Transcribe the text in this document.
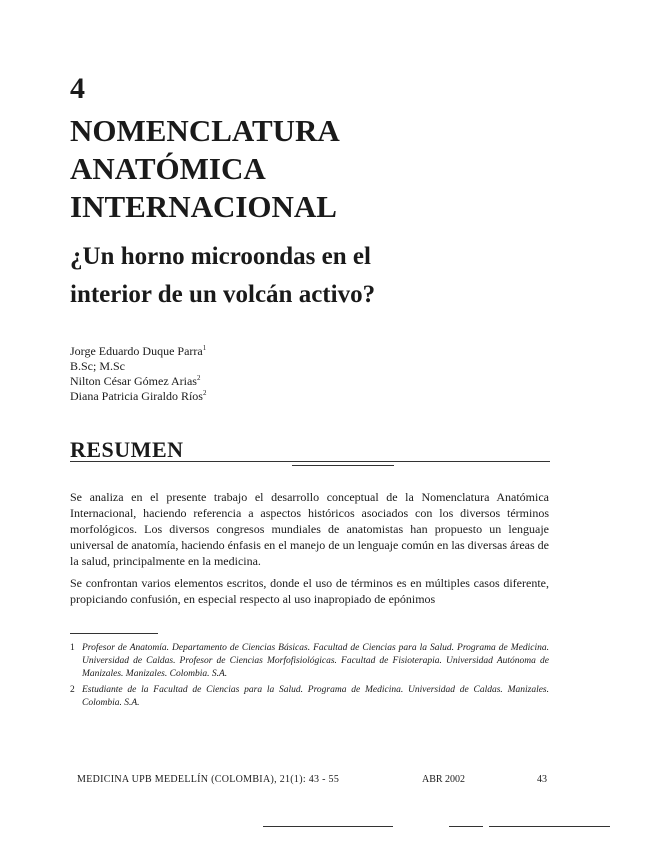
4
NOMENCLATURA
ANATÓMICA
INTERNACIONAL
¿Un horno microondas en el
interior de un volcán activo?
Jorge Eduardo Duque Parra$^1$
B.Sc; M.Sc
Nilton César Gómez Arias$^2$
Diana Patricia Giraldo Ríos$^2$
RESUMEN

Se analiza en el presente trabajo el desarrollo conceptual de la Nomenclatura Anatómica Internacional, haciendo referencia a aspectos históricos asociados con los diversos términos morfológicos. Los diversos congresos mundiales de anatomistas han propuesto un lenguaje universal de anatomía, haciendo énfasis en el manejo de un lenguaje común en las diversas áreas de la salud, principalmente en la medicina.

Se confrontan varios elementos escritos, donde el uso de términos es en múltiples casos diferente, propiciando confusión, en especial respecto al uso inapropiado de epónimos

1 Profesor de Anatomía. Departamento de Ciencias Básicas. Facultad de Ciencias para la Salud. Programa de Medicina. Universidad de Caldas. Profesor de Ciencias Morfofisiológicas. Facultad de Fisioterapia. Universidad Autónoma de Manizales. Manizales. Colombia. S.A.
2 Estudiante de la Facultad de Ciencias para la Salud. Programa de Medicina. Universidad de Caldas. Manizales. Colombia. S.A.
MEDICINA UPB MEDELLÍN (COLOMBIA), 21(1): 43 - 55	ABR 2002	43
